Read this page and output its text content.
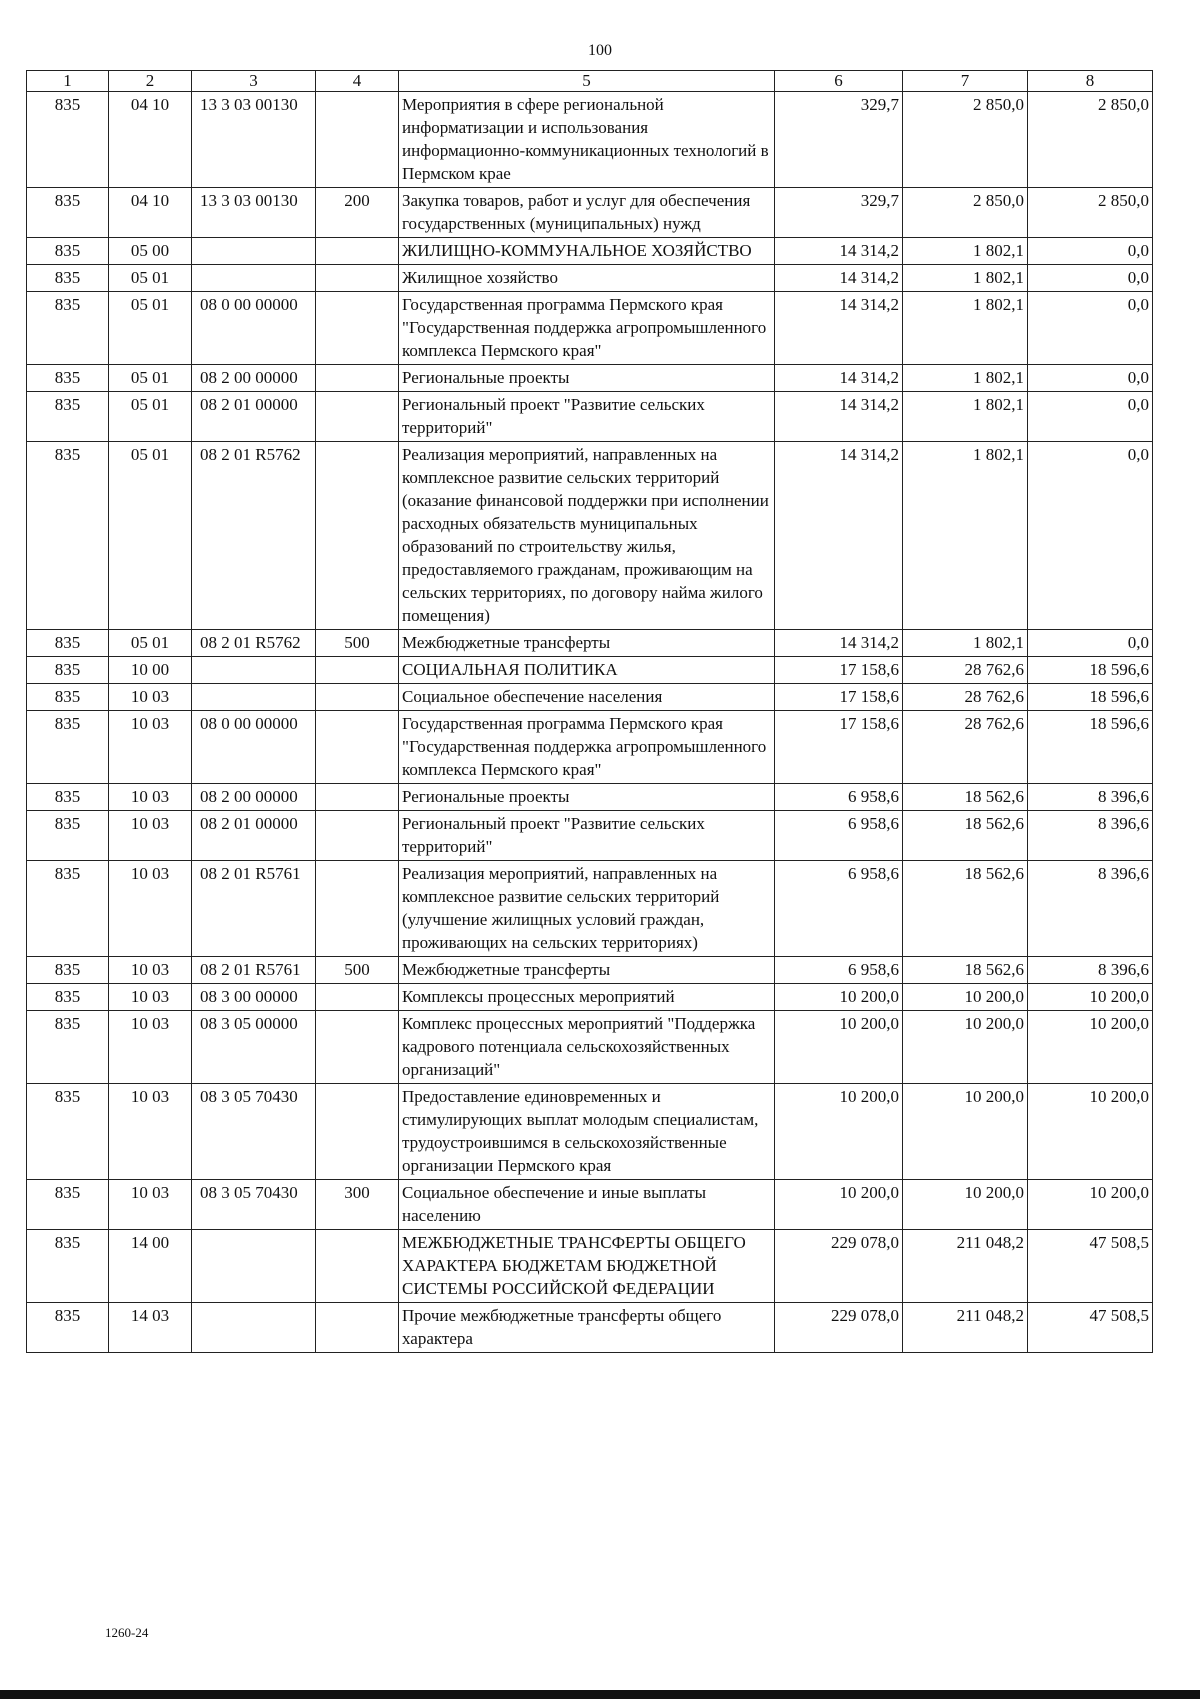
100
1	2	3	4	5	6	7	8
835	04 10	13 3 03 00130		Мероприятия в сфере региональной информатизации и использования информационно-коммуникационных технологий в Пермском крае	329,7	2 850,0	2 850,0
835	04 10	13 3 03 00130	200	Закупка товаров, работ и услуг для обеспечения государственных (муниципальных) нужд	329,7	2 850,0	2 850,0
835	05 00			ЖИЛИЩНО-КОММУНАЛЬНОЕ ХОЗЯЙСТВО	14 314,2	1 802,1	0,0
835	05 01			Жилищное хозяйство	14 314,2	1 802,1	0,0
835	05 01	08 0 00 00000		Государственная программа Пермского края "Государственная поддержка агропромышленного комплекса Пермского края"	14 314,2	1 802,1	0,0
835	05 01	08 2 00 00000		Региональные проекты	14 314,2	1 802,1	0,0
835	05 01	08 2 01 00000		Региональный проект "Развитие сельских территорий"	14 314,2	1 802,1	0,0
835	05 01	08 2 01 R5762		Реализация мероприятий, направленных на комплексное развитие сельских территорий (оказание финансовой поддержки при исполнении расходных обязательств муниципальных образований по строительству жилья, предоставляемого гражданам, проживающим на сельских территориях, по договору найма жилого помещения)	14 314,2	1 802,1	0,0
835	05 01	08 2 01 R5762	500	Межбюджетные трансферты	14 314,2	1 802,1	0,0
835	10 00			СОЦИАЛЬНАЯ ПОЛИТИКА	17 158,6	28 762,6	18 596,6
835	10 03			Социальное обеспечение населения	17 158,6	28 762,6	18 596,6
835	10 03	08 0 00 00000		Государственная программа Пермского края "Государственная поддержка агропромышленного комплекса Пермского края"	17 158,6	28 762,6	18 596,6
835	10 03	08 2 00 00000		Региональные проекты	6 958,6	18 562,6	8 396,6
835	10 03	08 2 01 00000		Региональный проект "Развитие сельских территорий"	6 958,6	18 562,6	8 396,6
835	10 03	08 2 01 R5761		Реализация мероприятий, направленных на комплексное развитие сельских территорий (улучшение жилищных условий граждан, проживающих на сельских территориях)	6 958,6	18 562,6	8 396,6
835	10 03	08 2 01 R5761	500	Межбюджетные трансферты	6 958,6	18 562,6	8 396,6
835	10 03	08 3 00 00000		Комплексы процессных мероприятий	10 200,0	10 200,0	10 200,0
835	10 03	08 3 05 00000		Комплекс процессных мероприятий "Поддержка кадрового потенциала сельскохозяйственных организаций"	10 200,0	10 200,0	10 200,0
835	10 03	08 3 05 70430		Предоставление единовременных и стимулирующих выплат молодым специалистам, трудоустроившимся в сельскохозяйственные организации Пермского края	10 200,0	10 200,0	10 200,0
835	10 03	08 3 05 70430	300	Социальное обеспечение и иные выплаты населению	10 200,0	10 200,0	10 200,0
835	14 00			МЕЖБЮДЖЕТНЫЕ ТРАНСФЕРТЫ ОБЩЕГО ХАРАКТЕРА БЮДЖЕТАМ БЮДЖЕТНОЙ СИСТЕМЫ РОССИЙСКОЙ ФЕДЕРАЦИИ	229 078,0	211 048,2	47 508,5
835	14 03			Прочие межбюджетные трансферты общего характера	229 078,0	211 048,2	47 508,5
1260-24
